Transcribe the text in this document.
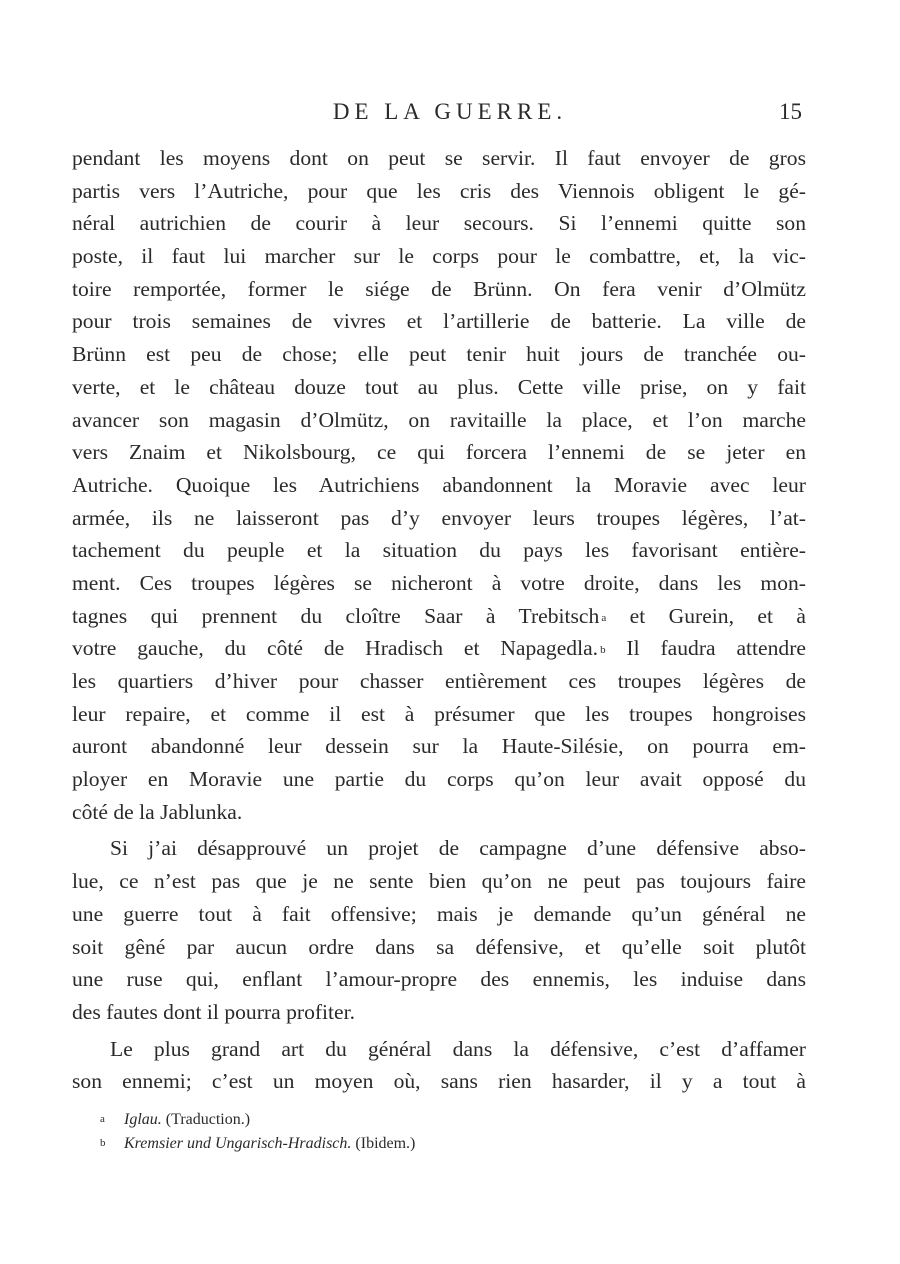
DE LA GUERRE.	15
pendant les moyens dont on peut se servir. Il faut envoyer de gros
partis vers l’Autriche, pour que les cris des Viennois obligent le gé-
néral autrichien de courir à leur secours. Si l’ennemi quitte son
poste, il faut lui marcher sur le corps pour le combattre, et, la vic-
toire remportée, former le siége de Brünn. On fera venir d’Olmütz
pour trois semaines de vivres et l’artillerie de batterie. La ville de
Brünn est peu de chose; elle peut tenir huit jours de tranchée ou-
verte, et le château douze tout au plus. Cette ville prise, on y fait
avancer son magasin d’Olmütz, on ravitaille la place, et l’on marche
vers Znaim et Nikolsbourg, ce qui forcera l’ennemi de se jeter en
Autriche. Quoique les Autrichiens abandonnent la Moravie avec leur
armée, ils ne laisseront pas d’y envoyer leurs troupes légères, l’at-
tachement du peuple et la situation du pays les favorisant entière-
ment. Ces troupes légères se nicheront à votre droite, dans les mon-
tagnes qui prennent du cloître Saar à Trebitsch $^a$ et Gurein, et à
votre gauche, du côté de Hradisch et Napagedla. $^b$ Il faudra attendre
les quartiers d’hiver pour chasser entièrement ces troupes légères de
leur repaire, et comme il est à présumer que les troupes hongroises
auront abandonné leur dessein sur la Haute-Silésie, on pourra em-
ployer en Moravie une partie du corps qu’on leur avait opposé du
côté de la Jablunka.
Si j’ai désapprouvé un projet de campagne d’une défensive abso-
lue, ce n’est pas que je ne sente bien qu’on ne peut pas toujours faire
une guerre tout à fait offensive; mais je demande qu’un général ne
soit gêné par aucun ordre dans sa défensive, et qu’elle soit plutôt
une ruse qui, enflant l’amour-propre des ennemis, les induise dans
des fautes dont il pourra profiter.
Le plus grand art du général dans la défensive, c’est d’affamer
son ennemi; c’est un moyen où, sans rien hasarder, il y a tout à
a Iglau. (Traduction.)
b Kremsier und Ungarisch-Hradisch. (Ibidem.)
